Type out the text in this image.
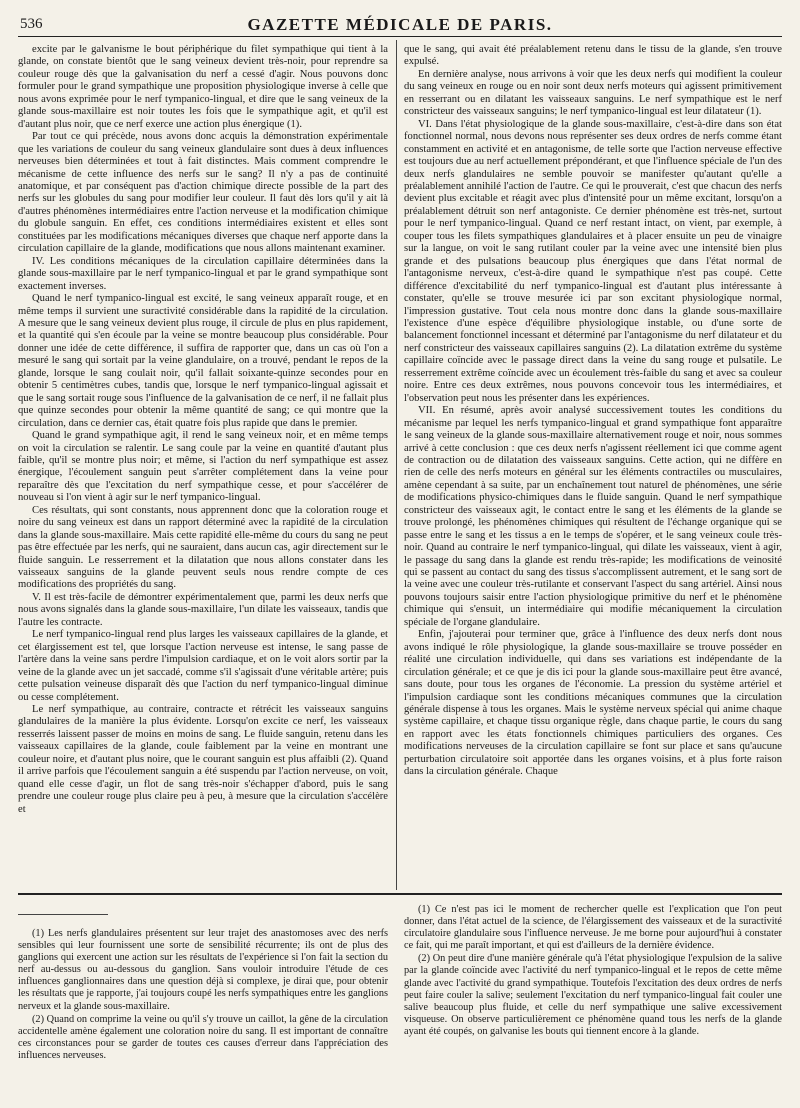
536	GAZETTE MÉDICALE DE PARIS.

excite par le galvanisme le bout périphérique du filet sympathique qui tient à la glande, on constate bientôt que le sang veineux devient très-noir, pour reprendre sa couleur rouge dès que la galvanisation du nerf a cessé d'agir. Nous pouvons donc formuler pour le grand sympathique une proposition physiologique inverse à celle que nous avons exprimée pour le nerf tympanico-lingual, et dire que le sang veineux de la glande sous-maxillaire est noir toutes les fois que le sympathique agit, et qu'il est d'autant plus noir, que ce nerf exerce une action plus énergique (1).

Par tout ce qui précède, nous avons donc acquis la démonstration expérimentale que les variations de couleur du sang veineux glandulaire sont dues à deux influences nerveuses bien déterminées et tout à fait distinctes. Mais comment comprendre le mécanisme de cette influence des nerfs sur le sang? Il n'y a pas de continuité anatomique, et par conséquent pas d'action chimique directe possible de la part des nerfs sur les globules du sang pour modifier leur couleur. Il faut dès lors qu'il y ait là d'autres phénomènes intermédiaires entre l'action nerveuse et la modification chimique du globule sanguin. En effet, ces conditions intermédiaires existent et elles sont constituées par les modifications mécaniques diverses que chaque nerf apporte dans la circulation capillaire de la glande, modifications que nous allons maintenant examiner.

IV. Les conditions mécaniques de la circulation capillaire déterminées dans la glande sous-maxillaire par le nerf tympanico-lingual et par le grand sympathique sont exactement inverses.

Quand le nerf tympanico-lingual est excité, le sang veineux apparaît rouge, et en même temps il survient une suractivité considérable dans la rapidité de la circulation. A mesure que le sang veineux devient plus rouge, il circule de plus en plus rapidement, et la quantité qui s'en écoule par la veine se montre beaucoup plus considérable. Pour donner une idée de cette différence, il suffira de rapporter que, dans un cas où l'on a mesuré le sang qui sortait par la veine glandulaire, on a trouvé, pendant le repos de la glande, lorsque le sang coulait noir, qu'il fallait soixante-quinze secondes pour en obtenir 5 centimètres cubes, tandis que, lorsque le nerf tympanico-lingual agissait et que le sang sortait rouge sous l'influence de la galvanisation de ce nerf, il ne fallait plus que quinze secondes pour obtenir la même quantité de sang; ce qui montre que la circulation, dans ce dernier cas, était quatre fois plus rapide que dans le premier.

Quand le grand sympathique agit, il rend le sang veineux noir, et en même temps on voit la circulation se ralentir. Le sang coule par la veine en quantité d'autant plus faible, qu'il se montre plus noir; et même, si l'action du nerf sympathique est assez énergique, l'écoulement sanguin peut s'arrêter complétement dans la veine pour reparaître dès que l'excitation du nerf sympathique cesse, et pour s'accélérer de nouveau si l'on vient à agir sur le nerf tympanico-lingual.

Ces résultats, qui sont constants, nous apprennent donc que la coloration rouge et noire du sang veineux est dans un rapport déterminé avec la rapidité de la circulation dans la glande sous-maxillaire. Mais cette rapidité elle-même du cours du sang ne peut pas être effectuée par les nerfs, qui ne sauraient, dans aucun cas, agir directement sur le fluide sanguin. Le resserrement et la dilatation que nous allons constater dans les vaisseaux sanguins de la glande peuvent seuls nous rendre compte de ces modifications des propriétés du sang.

V. Il est très-facile de démontrer expérimentalement que, parmi les deux nerfs que nous avons signalés dans la glande sous-maxillaire, l'un dilate les vaisseaux, tandis que l'autre les contracte.

Le nerf tympanico-lingual rend plus larges les vaisseaux capillaires de la glande, et cet élargissement est tel, que lorsque l'action nerveuse est intense, le sang passe de l'artère dans la veine sans perdre l'impulsion cardiaque, et on le voit alors sortir par la veine de la glande avec un jet saccadé, comme s'il s'agissait d'une véritable artère; puis cette pulsation veineuse disparaît dès que l'action du nerf tympanico-lingual diminue ou cesse complétement.

Le nerf sympathique, au contraire, contracte et rétrécit les vaisseaux sanguins glandulaires de la manière la plus évidente. Lorsqu'on excite ce nerf, les vaisseaux resserrés laissent passer de moins en moins de sang. Le fluide sanguin, retenu dans les vaisseaux capillaires de la glande, coule faiblement par la veine en montrant une couleur noire, et d'autant plus noire, que le courant sanguin est plus affaibli (2). Quand il arrive parfois que l'écoulement sanguin a été suspendu par l'action nerveuse, on voit, quand elle cesse d'agir, un flot de sang très-noir s'échapper d'abord, puis le sang prendre une couleur rouge plus claire peu à peu, à mesure que la circulation s'accélère et

que le sang, qui avait été préalablement retenu dans le tissu de la glande, s'en trouve expulsé.

En dernière analyse, nous arrivons à voir que les deux nerfs qui modifient la couleur du sang veineux en rouge ou en noir sont deux nerfs moteurs qui agissent primitivement en resserrant ou en dilatant les vaisseaux sanguins. Le nerf sympathique est le nerf constricteur des vaisseaux sanguins; le nerf tympanico-lingual est leur dilatateur (1).

VI. Dans l'état physiologique de la glande sous-maxillaire, c'est-à-dire dans son état fonctionnel normal, nous devons nous représenter ses deux ordres de nerfs comme étant constamment en activité et en antagonisme, de telle sorte que l'action nerveuse effective est toujours due au nerf actuellement prépondérant, et que l'influence spéciale de l'un des deux nerfs glandulaires ne semble pouvoir se manifester qu'autant qu'elle a préalablement annihilé l'action de l'autre. Ce qui le prouverait, c'est que chacun des nerfs devient plus excitable et réagit avec plus d'intensité pour un même excitant, lorsqu'on a préalablement détruit son nerf antagoniste. Ce dernier phénomène est très-net, surtout pour le nerf tympanico-lingual. Quand ce nerf restant intact, on vient, par exemple, à couper tous les filets sympathiques glandulaires et à placer ensuite un peu de vinaigre sur la langue, on voit le sang rutilant couler par la veine avec une intensité bien plus grande et des pulsations beaucoup plus énergiques que dans l'état normal de l'antagonisme nerveux, c'est-à-dire quand le sympathique n'est pas coupé. Cette différence d'excitabilité du nerf tympanico-lingual est d'autant plus intéressante à constater, qu'elle se trouve mesurée ici par son excitant physiologique normal, l'impression gustative. Tout cela nous montre donc dans la glande sous-maxillaire l'existence d'une espèce d'équilibre physiologique instable, ou d'une sorte de balancement fonctionnel incessant et déterminé par l'antagonisme du nerf dilatateur et du nerf constricteur des vaisseaux capillaires sanguins (2). La dilatation extrême du système capillaire coïncide avec le passage direct dans la veine du sang rouge et pulsatile. Le resserrement extrême coïncide avec un écoulement très-faible du sang et avec sa couleur noire. Entre ces deux extrêmes, nous pouvons concevoir tous les intermédiaires, et l'observation peut nous les présenter dans les expériences.

VII. En résumé, après avoir analysé successivement toutes les conditions du mécanisme par lequel les nerfs tympanico-lingual et grand sympathique font apparaître le sang veineux de la glande sous-maxillaire alternativement rouge et noir, nous sommes arrivé à cette conclusion : que ces deux nerfs n'agissent réellement ici que comme agent de contraction ou de dilatation des vaisseaux sanguins. Cette action, qui ne diffère en rien de celle des nerfs moteurs en général sur les éléments contractiles ou musculaires, amène cependant à sa suite, par un enchaînement tout naturel de phénomènes, une série de modifications physico-chimiques dans le fluide sanguin. Quand le nerf sympathique constricteur des vaisseaux agit, le contact entre le sang et les éléments de la glande se trouve prolongé, les phénomènes chimiques qui résultent de l'échange organique qui se passe entre le sang et les tissus a en le temps de s'opérer, et le sang veineux coule très-noir. Quand au contraire le nerf tympanico-lingual, qui dilate les vaisseaux, vient à agir, le passage du sang dans la glande est rendu très-rapide; les modifications de veinosité qui se passent au contact du sang des tissus s'accomplissent autrement, et le sang sort de la veine avec une couleur très-rutilante et conservant l'aspect du sang artériel. Ainsi nous pouvons toujours saisir entre l'action physiologique primitive du nerf et le phénomène chimique qui s'ensuit, un intermédiaire qui modifie mécaniquement la circulation spéciale de l'organe glandulaire.

Enfin, j'ajouterai pour terminer que, grâce à l'influence des deux nerfs dont nous avons indiqué le rôle physiologique, la glande sous-maxillaire se trouve posséder en réalité une circulation individuelle, qui dans ses variations est indépendante de la circulation générale; et ce que je dis ici pour la glande sous-maxillaire peut être avancé, sans doute, pour tous les organes de l'économie. La pression du système artériel et l'impulsion cardiaque sont les conditions mécaniques communes que la circulation générale dispense à tous les organes. Mais le système nerveux spécial qui anime chaque système capillaire, et chaque tissu organique règle, dans chaque partie, le cours du sang en rapport avec les états fonctionnels chimiques particuliers des organes. Ces modifications nerveuses de la circulation capillaire se font sur place et sans qu'aucune perturbation circulatoire soit apportée dans les organes voisins, et à plus forte raison dans la circulation générale. Chaque

(1) Les nerfs glandulaires présentent sur leur trajet des anastomoses avec des nerfs sensibles qui leur fournissent une sorte de sensibilité récurrente; ils ont de plus des ganglions qui exercent une action sur les résultats de l'expérience si l'on fait la section du nerf au-dessus ou au-dessous du ganglion. Sans vouloir introduire l'étude de ces influences ganglionnaires dans une question déjà si complexe, je dirai que, pour obtenir les résultats que je rapporte, j'ai toujours coupé les nerfs sympathiques entre les ganglions nerveux et la glande sous-maxillaire.

(2) Quand on comprime la veine ou qu'il s'y trouve un caillot, la gêne de la circulation accidentelle amène également une coloration noire du sang. Il est important de connaître ces circonstances pour se garder de toutes ces causes d'erreur dans l'appréciation des influences nerveuses.

(1) Ce n'est pas ici le moment de rechercher quelle est l'explication que l'on peut donner, dans l'état actuel de la science, de l'élargissement des vaisseaux et de la suractivité circulatoire glandulaire sous l'influence nerveuse. Je me borne pour aujourd'hui à constater ce fait, qui me paraît important, et qui est d'ailleurs de la dernière évidence.

(2) On peut dire d'une manière générale qu'à l'état physiologique l'expulsion de la salive par la glande coïncide avec l'activité du nerf tympanico-lingual et le repos de cette même glande avec l'activité du grand sympathique. Toutefois l'excitation des deux ordres de nerfs peut faire couler la salive; seulement l'excitation du nerf tympanico-lingual fait couler une salive beaucoup plus fluide, et celle du nerf sympathique une salive excessivement visqueuse. On observe particulièrement ce phénomène quand tous les nerfs de la glande ayant été coupés, on galvanise les bouts qui tiennent encore à la glande.
